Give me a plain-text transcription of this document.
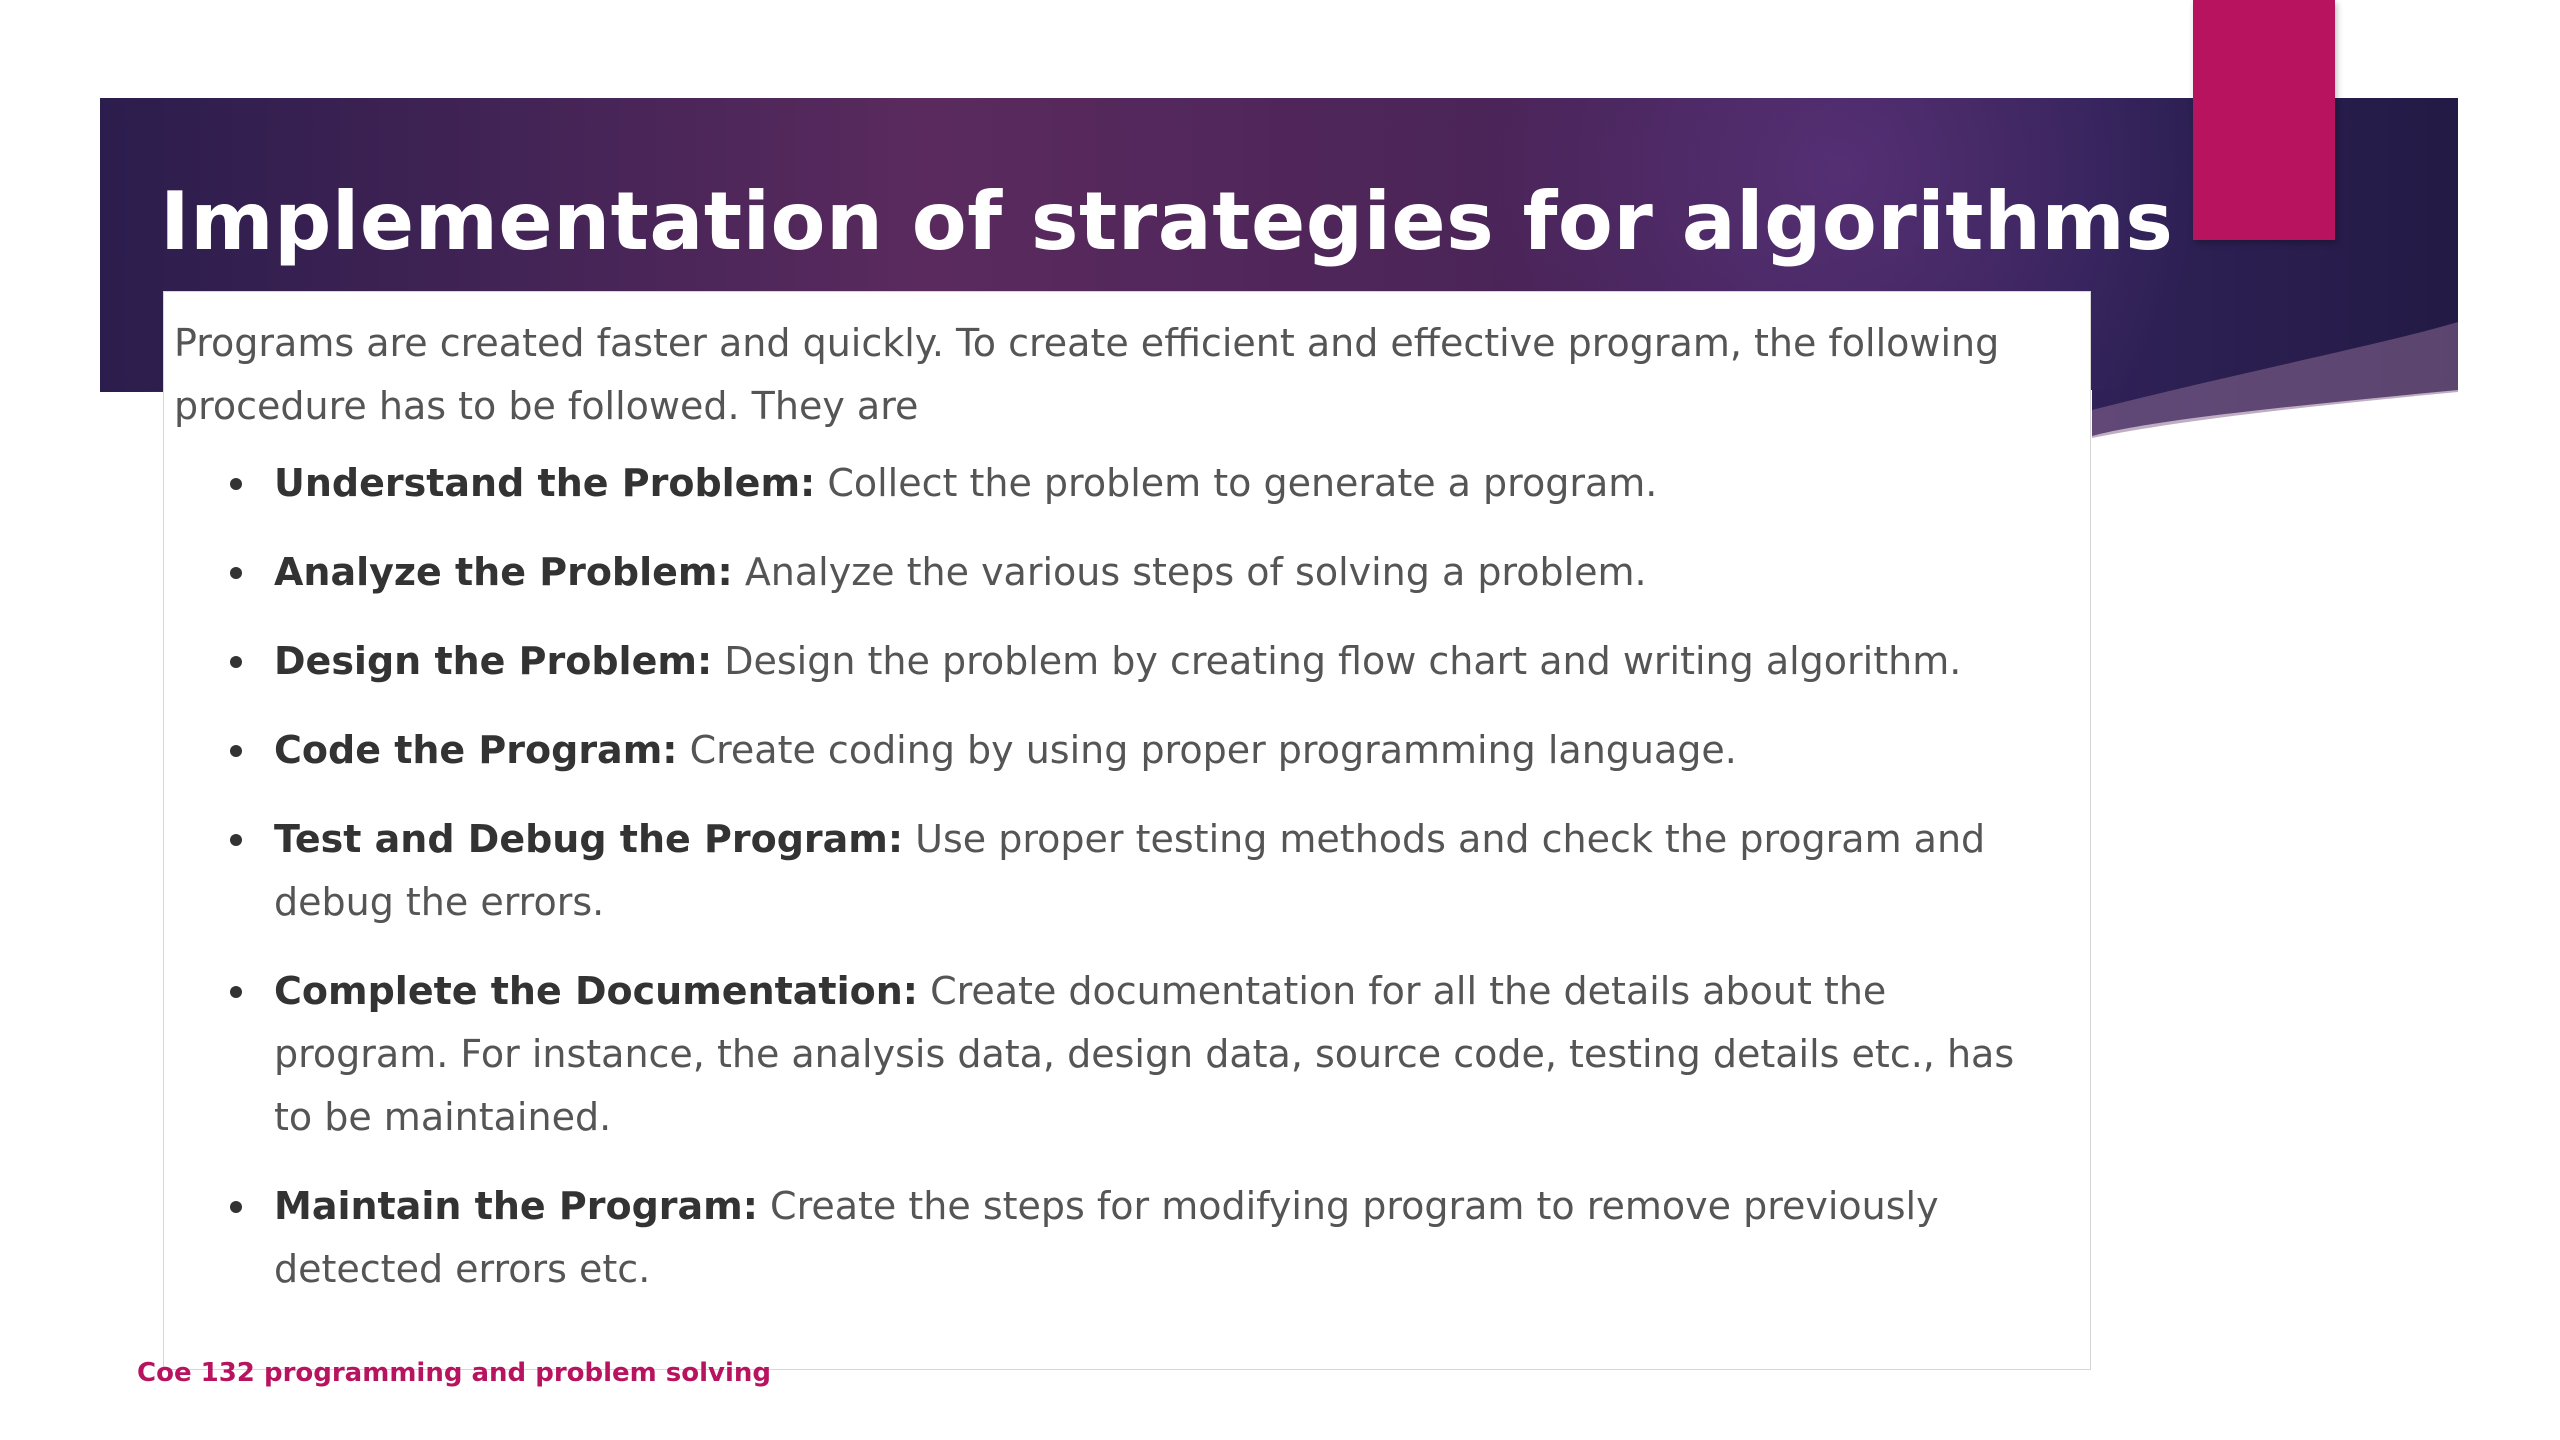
Implementation of strategies for algorithms

Programs are created faster and quickly. To create efficient and effective program, the following procedure has to be followed. They are

Understand the Problem: Collect the problem to generate a program.
Analyze the Problem: Analyze the various steps of solving a problem.
Design the Problem: Design the problem by creating flow chart and writing algorithm.
Code the Program: Create coding by using proper programming language.
Test and Debug the Program: Use proper testing methods and check the program and debug the errors.
Complete the Documentation: Create documentation for all the details about the program. For instance, the analysis data, design data, source code, testing details etc., has to be maintained.
Maintain the Program: Create the steps for modifying program to remove previously detected errors etc.

Coe 132 programming and problem solving
